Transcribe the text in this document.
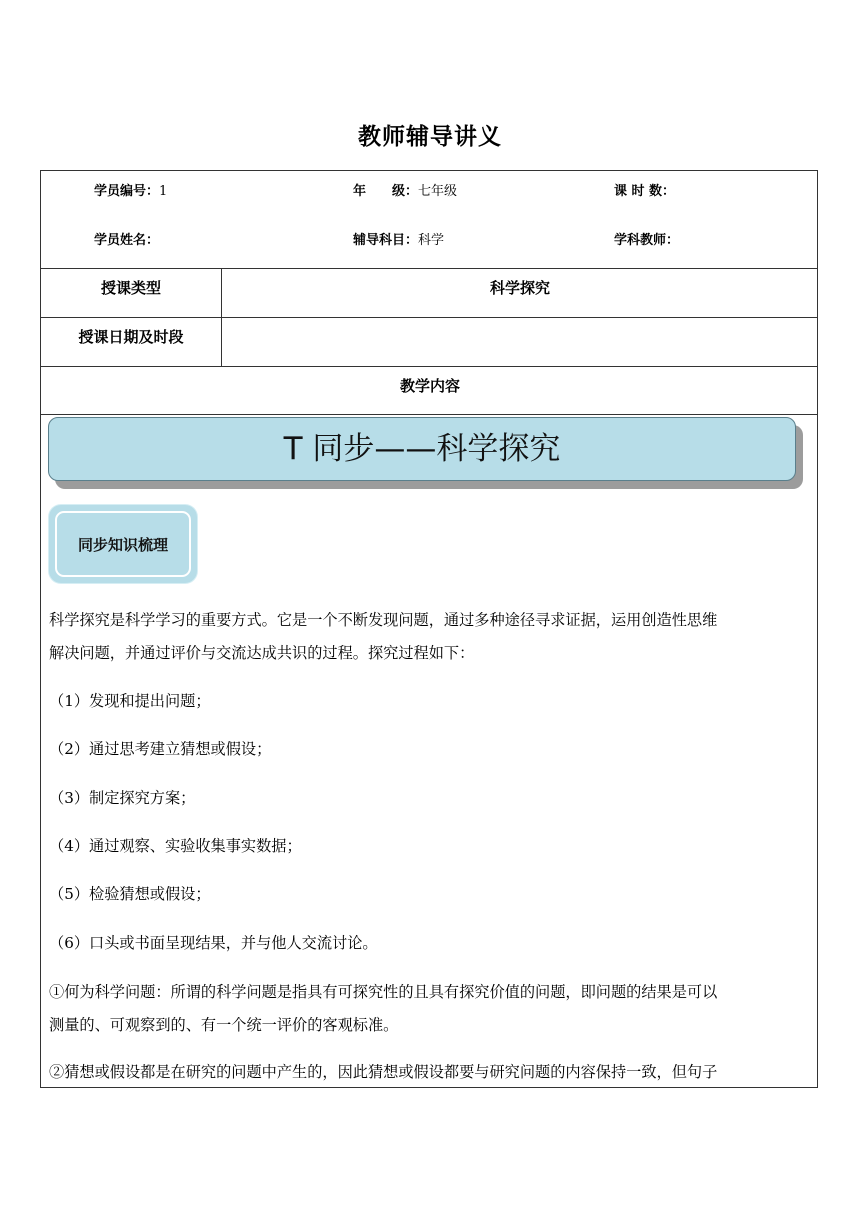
教师辅导讲义
学员编号：1	年　　级：七年级	课 时 数：
学员姓名：	辅导科目：科学	学科教师：
授课类型	科学探究
授课日期及时段
教学内容
T 同步——科学探究
同步知识梳理
科学探究是科学学习的重要方式。它是一个不断发现问题，通过多种途径寻求证据，运用创造性思维
解决问题，并通过评价与交流达成共识的过程。探究过程如下：
（1）发现和提出问题；
（2）通过思考建立猜想或假设；
（3）制定探究方案；
（4）通过观察、实验收集事实数据；
（5）检验猜想或假设；
（6）口头或书面呈现结果，并与他人交流讨论。
①何为科学问题：所谓的科学问题是指具有可探究性的且具有探究价值的问题，即问题的结果是可以
测量的、可观察到的、有一个统一评价的客观标准。
②猜想或假设都是在研究的问题中产生的，因此猜想或假设都要与研究问题的内容保持一致，但句子
